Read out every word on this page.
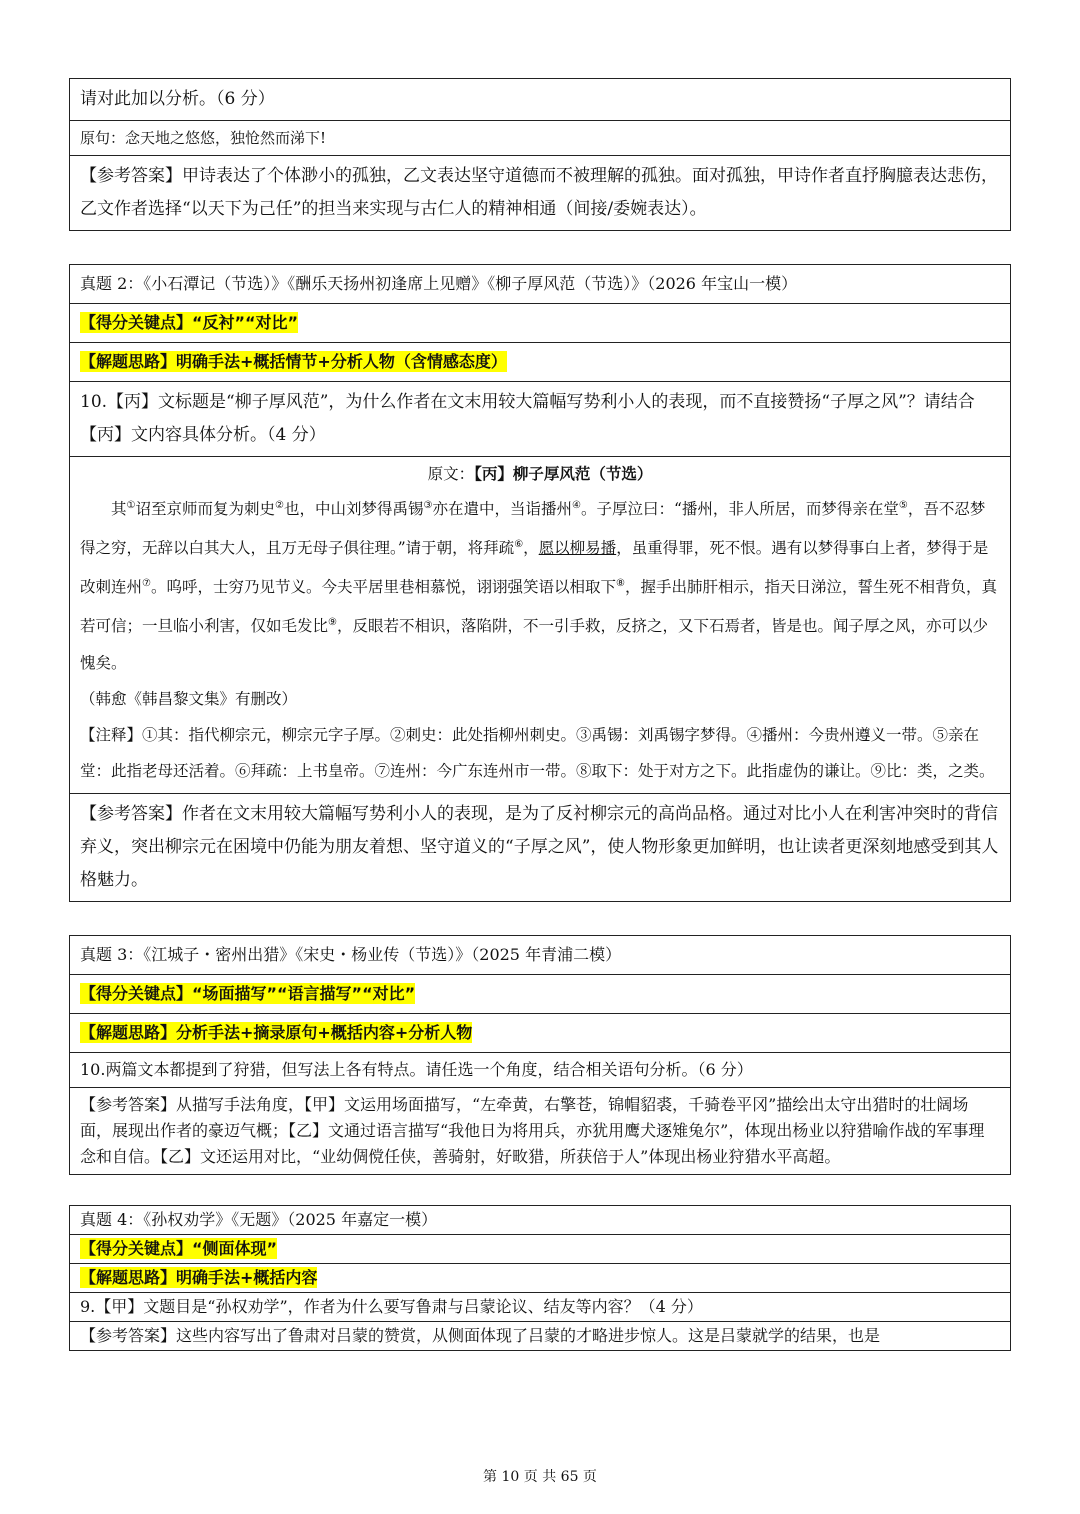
请对此加以分析。（6 分）
原句：念天地之悠悠，独怆然而涕下!
【参考答案】甲诗表达了个体渺小的孤独，乙文表达坚守道德而不被理解的孤独。面对孤独，甲诗作者直抒胸臆表达悲伤，乙文作者选择“以天下为己任”的担当来实现与古仁人的精神相通（间接/委婉表达）。
真题 2：《小石潭记（节选）》《酬乐天扬州初逢席上见赠》《柳子厚风范（节选）》（2026 年宝山一模）
【得分关键点】“反衬”“对比”
【解题思路】明确手法+概括情节+分析人物（含情感态度）
10.【丙】文标题是“柳子厚风范”，为什么作者在文末用较大篇幅写势利小人的表现，而不直接赞扬“子厚之风”？请结合【丙】文内容具体分析。（4 分）

原文：【丙】柳子厚风范（节选）
其①诏至京师而复为刺史②也，中山刘梦得禹锡③亦在遣中，当诣播州④。子厚泣曰：“播州，非人所居，而梦得亲在堂⑤，吾不忍梦得之穷，无辞以白其大人，且万无母子俱往理。”请于朝，将拜疏⑥，愿以柳易播，虽重得罪，死不恨。遇有以梦得事白上者，梦得于是改刺连州⑦。呜呼，士穷乃见节义。今夫平居里巷相慕悦，诩诩强笑语以相取下⑧，握手出肺肝相示，指天日涕泣，誓生死不相背负，真若可信；一旦临小利害，仅如毛发比⑨，反眼若不相识，落陷阱，不一引手救，反挤之，又下石焉者，皆是也。闻子厚之风，亦可以少愧矣。
（韩愈《韩昌黎文集》有删改）
【注释】①其：指代柳宗元，柳宗元字子厚。②刺史：此处指柳州刺史。③禹锡：刘禹锡字梦得。④播州：今贵州遵义一带。⑤亲在堂：此指老母还活着。⑥拜疏：上书皇帝。⑦连州：今广东连州市一带。⑧取下：处于对方之下。此指虚伪的谦让。⑨比：类，之类。

【参考答案】作者在文末用较大篇幅写势利小人的表现，是为了反衬柳宗元的高尚品格。通过对比小人在利害冲突时的背信弃义，突出柳宗元在困境中仍能为朋友着想、坚守道义的“子厚之风”，使人物形象更加鲜明，也让读者更深刻地感受到其人格魅力。
真题 3：《江城子・密州出猎》《宋史・杨业传（节选）》（2025 年青浦二模）
【得分关键点】“场面描写”“语言描写”“对比”
【解题思路】分析手法+摘录原句+概括内容+分析人物
10.两篇文本都提到了狩猎，但写法上各有特点。请任选一个角度，结合相关语句分析。（6 分）
【参考答案】从描写手法角度，【甲】文运用场面描写，“左牵黄，右擎苍，锦帽貂裘，千骑卷平冈”描绘出太守出猎时的壮阔场面，展现出作者的豪迈气概；【乙】文通过语言描写“我他日为将用兵，亦犹用鹰犬逐雉兔尔”，体现出杨业以狩猎喻作战的军事理念和自信。【乙】文还运用对比，“业幼倜傥任侠，善骑射，好畋猎，所获倍于人”体现出杨业狩猎水平高超。
真题 4：《孙权劝学》《无题》（2025 年嘉定一模）
【得分关键点】“侧面体现”
【解题思路】明确手法+概括内容
9.【甲】文题目是“孙权劝学”，作者为什么要写鲁肃与吕蒙论议、结友等内容？（4 分）
【参考答案】这些内容写出了鲁肃对吕蒙的赞赏，从侧面体现了吕蒙的才略进步惊人。这是吕蒙就学的结果，也是
第 10 页 共 65 页
